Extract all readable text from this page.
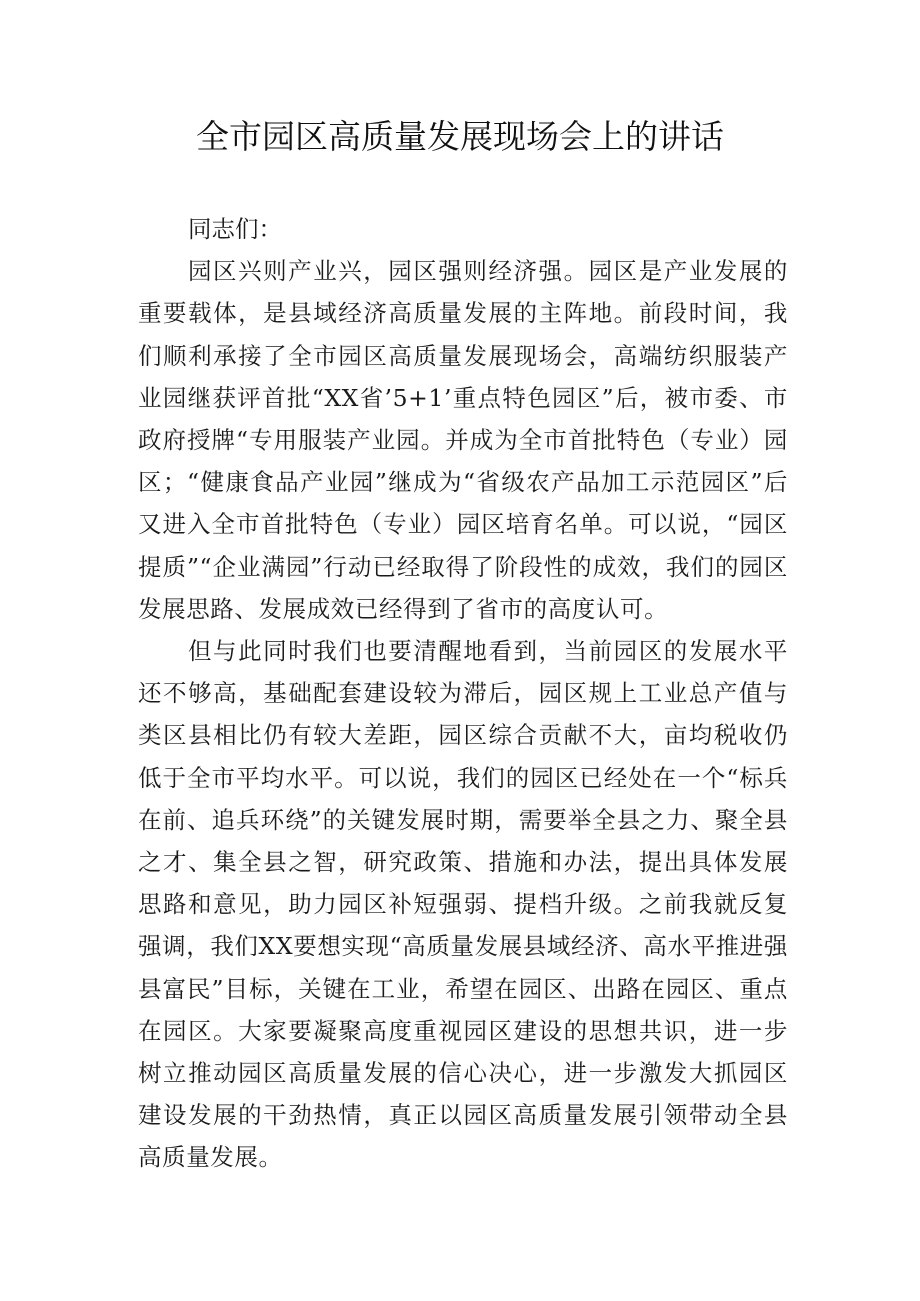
全市园区高质量发展现场会上的讲话

同志们：

园区兴则产业兴，园区强则经济强。园区是产业发展的重要载体，是县域经济高质量发展的主阵地。前段时间，我们顺利承接了全市园区高质量发展现场会，高端纺织服装产业园继获评首批“XX省’5+1’重点特色园区”后，被市委、市政府授牌“专用服装产业园。并成为全市首批特色（专业）园区；“健康食品产业园”继成为“省级农产品加工示范园区”后又进入全市首批特色（专业）园区培育名单。可以说，“园区提质”“企业满园”行动已经取得了阶段性的成效，我们的园区发展思路、发展成效已经得到了省市的高度认可。

但与此同时我们也要清醒地看到，当前园区的发展水平还不够高，基础配套建设较为滞后，园区规上工业总产值与类区县相比仍有较大差距，园区综合贡献不大，亩均税收仍低于全市平均水平。可以说，我们的园区已经处在一个“标兵在前、追兵环绕”的关键发展时期，需要举全县之力、聚全县之才、集全县之智，研究政策、措施和办法，提出具体发展思路和意见，助力园区补短强弱、提档升级。之前我就反复强调，我们XX要想实现“高质量发展县域经济、高水平推进强县富民”目标，关键在工业，希望在园区、出路在园区、重点在园区。大家要凝聚高度重视园区建设的思想共识，进一步树立推动园区高质量发展的信心决心，进一步激发大抓园区建设发展的干劲热情，真正以园区高质量发展引领带动全县高质量发展。
